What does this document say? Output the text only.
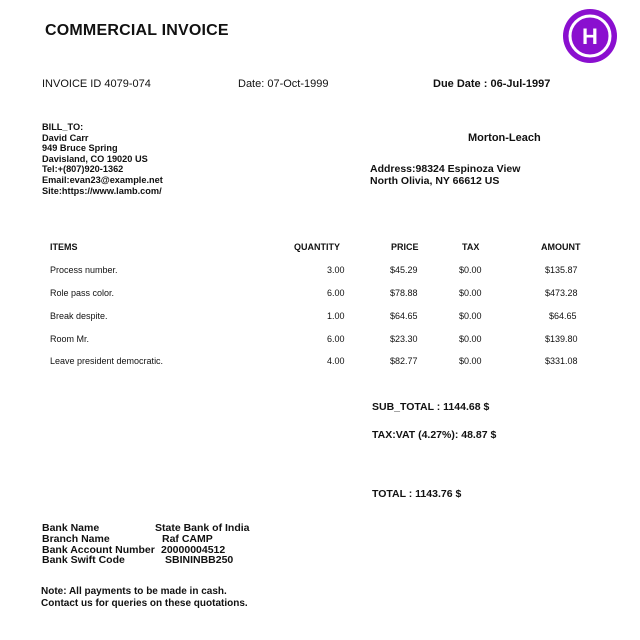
COMMERCIAL INVOICE	H
INVOICE ID 4079-074	Date: 07-Oct-1999	Due Date : 06-Jul-1997
BILL_TO:
David Carr
949 Bruce Spring
Davisland, CO 19020 US
Tel:+(807)920-1362
Email:evan23@example.net
Site:https://www.lamb.com/
Morton-Leach
Address:98324 Espinoza View
North Olivia, NY 66612 US
ITEMS	QUANTITY	PRICE	TAX	AMOUNT
Process number.	3.00	$45.29	$0.00	$135.87
Role pass color.	6.00	$78.88	$0.00	$473.28
Break despite.	1.00	$64.65	$0.00	$64.65
Room Mr.	6.00	$23.30	$0.00	$139.80
Leave president democratic.	4.00	$82.77	$0.00	$331.08
SUB_TOTAL : 1144.68 $
TAX:VAT (4.27%): 48.87 $
TOTAL : 1143.76 $
Bank Name	State Bank of India
Branch Name	Raf CAMP
Bank Account Number 20000004512
Bank Swift Code	SBININBB250
Note: All payments to be made in cash.
Contact us for queries on these quotations.
